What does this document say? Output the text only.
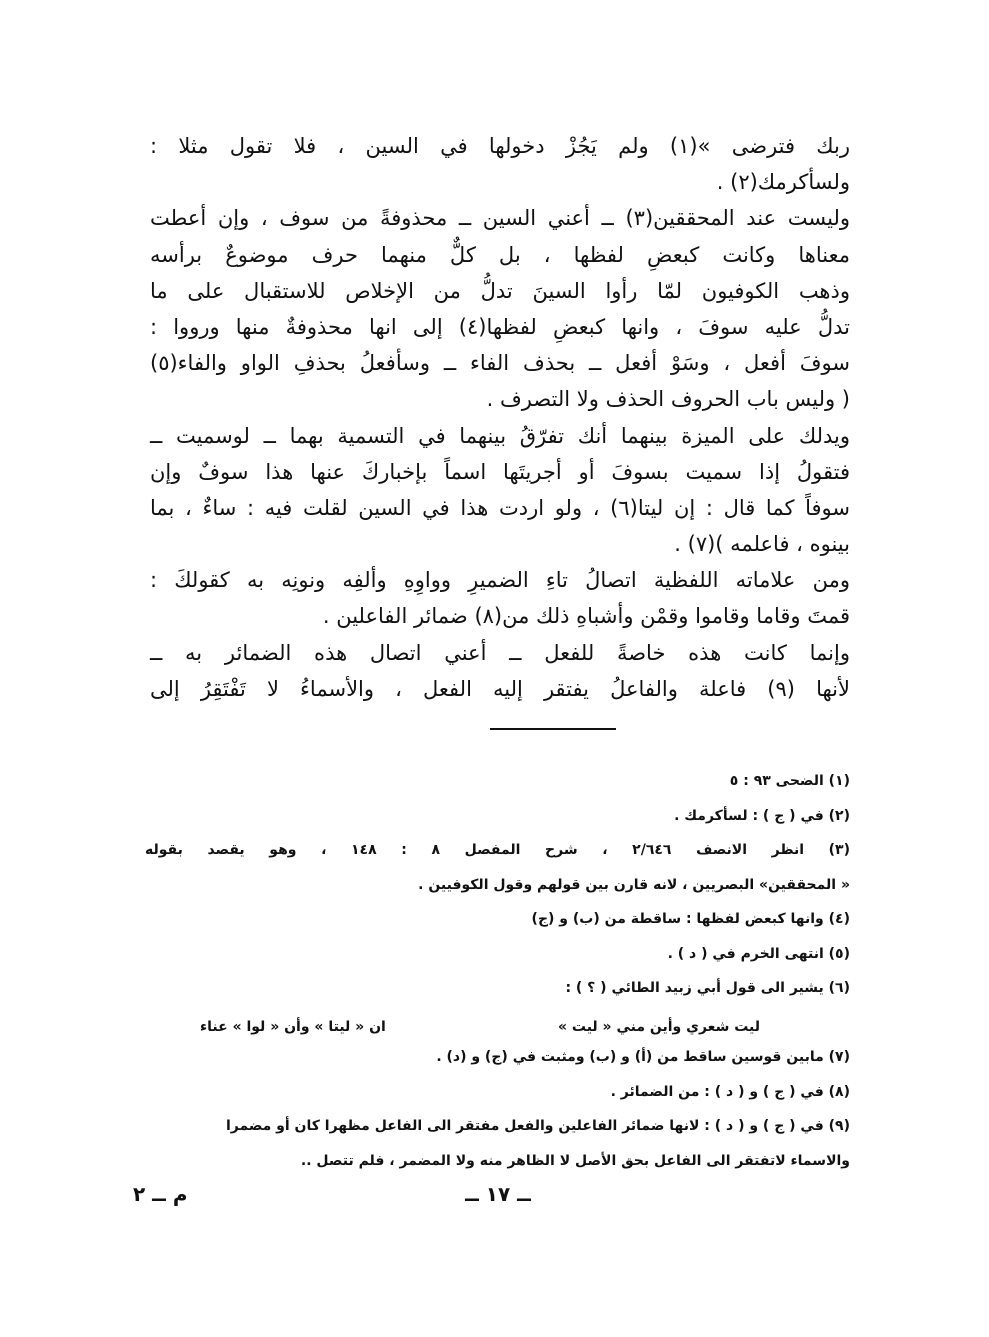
ربك فترضى »(١) ولم يَجُزْ دخولها في السين ، فلا تقول مثلا :
ولسأكرمك(٢) .
وليست عند المحققين(٣) ــ أعني السين ــ محذوفةً من سوف ، وإن أعطت
معناها وكانت كبعضِ لفظها ، بل كلٌّ منهما حرف موضوعٌ برأسه
وذهب الكوفيون لمّا رأوا السينَ تدلُّ من الإخلاص للاستقبال على ما
تدلُّ عليه سوفَ ، وانها كبعضِ لفظها(٤) إلى انها محذوفةٌ منها ورووا :
سوفَ أفعل ، وسَوْ أفعل ــ بحذف الفاء ــ وسأفعلُ بحذفِ الواو والفاء(٥)
( وليس باب الحروف الحذف ولا التصرف .
ويدلك على الميزة بينهما أنك تفرّقُ بينهما في التسمية بهما ــ لوسميت ــ
فتقولُ إذا سميت بسوفَ أو أجريتَها اسماً بإخباركَ عنها هذا سوفٌ وإن
سوفاً كما قال : إن ليتا(٦) ، ولو اردت هذا في السين لقلت فيه : ساءٌ ، بما
بينوه ، فاعلمه )(٧) .
ومن علاماته اللفظية اتصالُ تاءِ الضميرِ وواوِهِ وألفِه ونونِه به كقولكَ :
قمتَ وقاما وقاموا وقمْن وأشباهِ ذلك من(٨) ضمائر الفاعلين .
وإنما كانت هذه خاصةً للفعل ــ أعني اتصال هذه الضمائر به ــ
لأنها (٩) فاعلة والفاعلُ يفتقر إليه الفعل ، والأسماءُ لا تَفْتَقِرُ إلى
(١) الضحى ٩٣ : ٥
(٢) في ( ج ) : لسأكرمك .
(٣) انظر الانصف ٢/٦٤٦ ، شرح المفصل ٨ : ١٤٨ ، وهو يقصد بقوله
« المحققين» البصريين ، لانه قارن بين قولهم وقول الكوفيين .
(٤) وانها كبعض لفظها : ساقطة من (ب) و (ج)
(٥) انتهى الخرم في ( د ) .
(٦) يشير الى قول أبي زبيد الطائي ( ؟ ) :
(٧) مابين قوسين ساقط من (أ) و (ب) ومثبت في (ج) و (د) .
(٨) في ( ج ) و ( د ) : من الضمائر .
(٩) في ( ج ) و ( د ) : لانها ضمائر الفاعلين والفعل مفتقر الى الفاعل مظهرا كان أو مضمرا
والاسماء لاتفتقر الى الفاعل بحق الأصل لا الظاهر منه ولا المضمر ، فلم تتصل ..
ليت شعري وأين مني « ليت »
ان « ليتا » وأن « لوا » عناء
ــ ١٧ ــ
م ــ ٢
